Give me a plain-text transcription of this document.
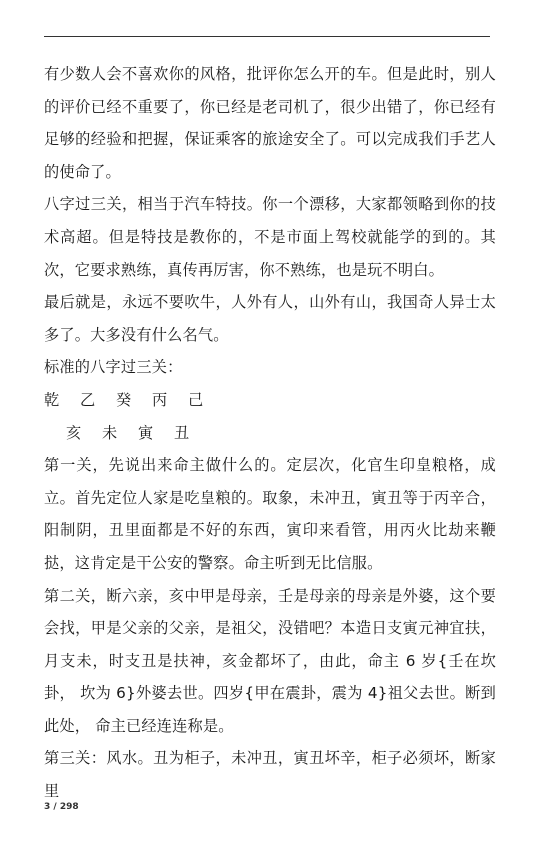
有少数人会不喜欢你的风格，批评你怎么开的车。但是此时，别人的评价已经不重要了，你已经是老司机了，很少出错了，你已经有足够的经验和把握，保证乘客的旅途安全了。可以完成我们手艺人的使命了。

八字过三关，相当于汽车特技。你一个漂移，大家都领略到你的技术高超。但是特技是教你的，不是市面上驾校就能学的到的。其次，它要求熟练，真传再厉害，你不熟练，也是玩不明白。

最后就是，永远不要吹牛，人外有人，山外有山，我国奇人异士太多了。大多没有什么名气。

标准的八字过三关：

乾 乙 癸 丙 己

亥 未 寅 丑

第一关，先说出来命主做什么的。定层次，化官生印皇粮格，成立。首先定位人家是吃皇粮的。取象，未冲丑，寅丑等于丙辛合，阳制阴，丑里面都是不好的东西，寅印来看管，用丙火比劫来鞭挞，这肯定是干公安的警察。命主听到无比信服。

第二关，断六亲，亥中甲是母亲，壬是母亲的母亲是外婆，这个要会找，甲是父亲的父亲，是祖父，没错吧？本造日支寅元神宜扶， 月支未，时支丑是扶神，亥金都坏了，由此，命主 6 岁{壬在坎卦， 坎为 6}外婆去世。四岁{甲在震卦，震为 4}祖父去世。断到此处， 命主已经连连称是。

第三关：风水。丑为柜子，未冲丑，寅丑坏辛，柜子必须坏，断家里

3 / 298
